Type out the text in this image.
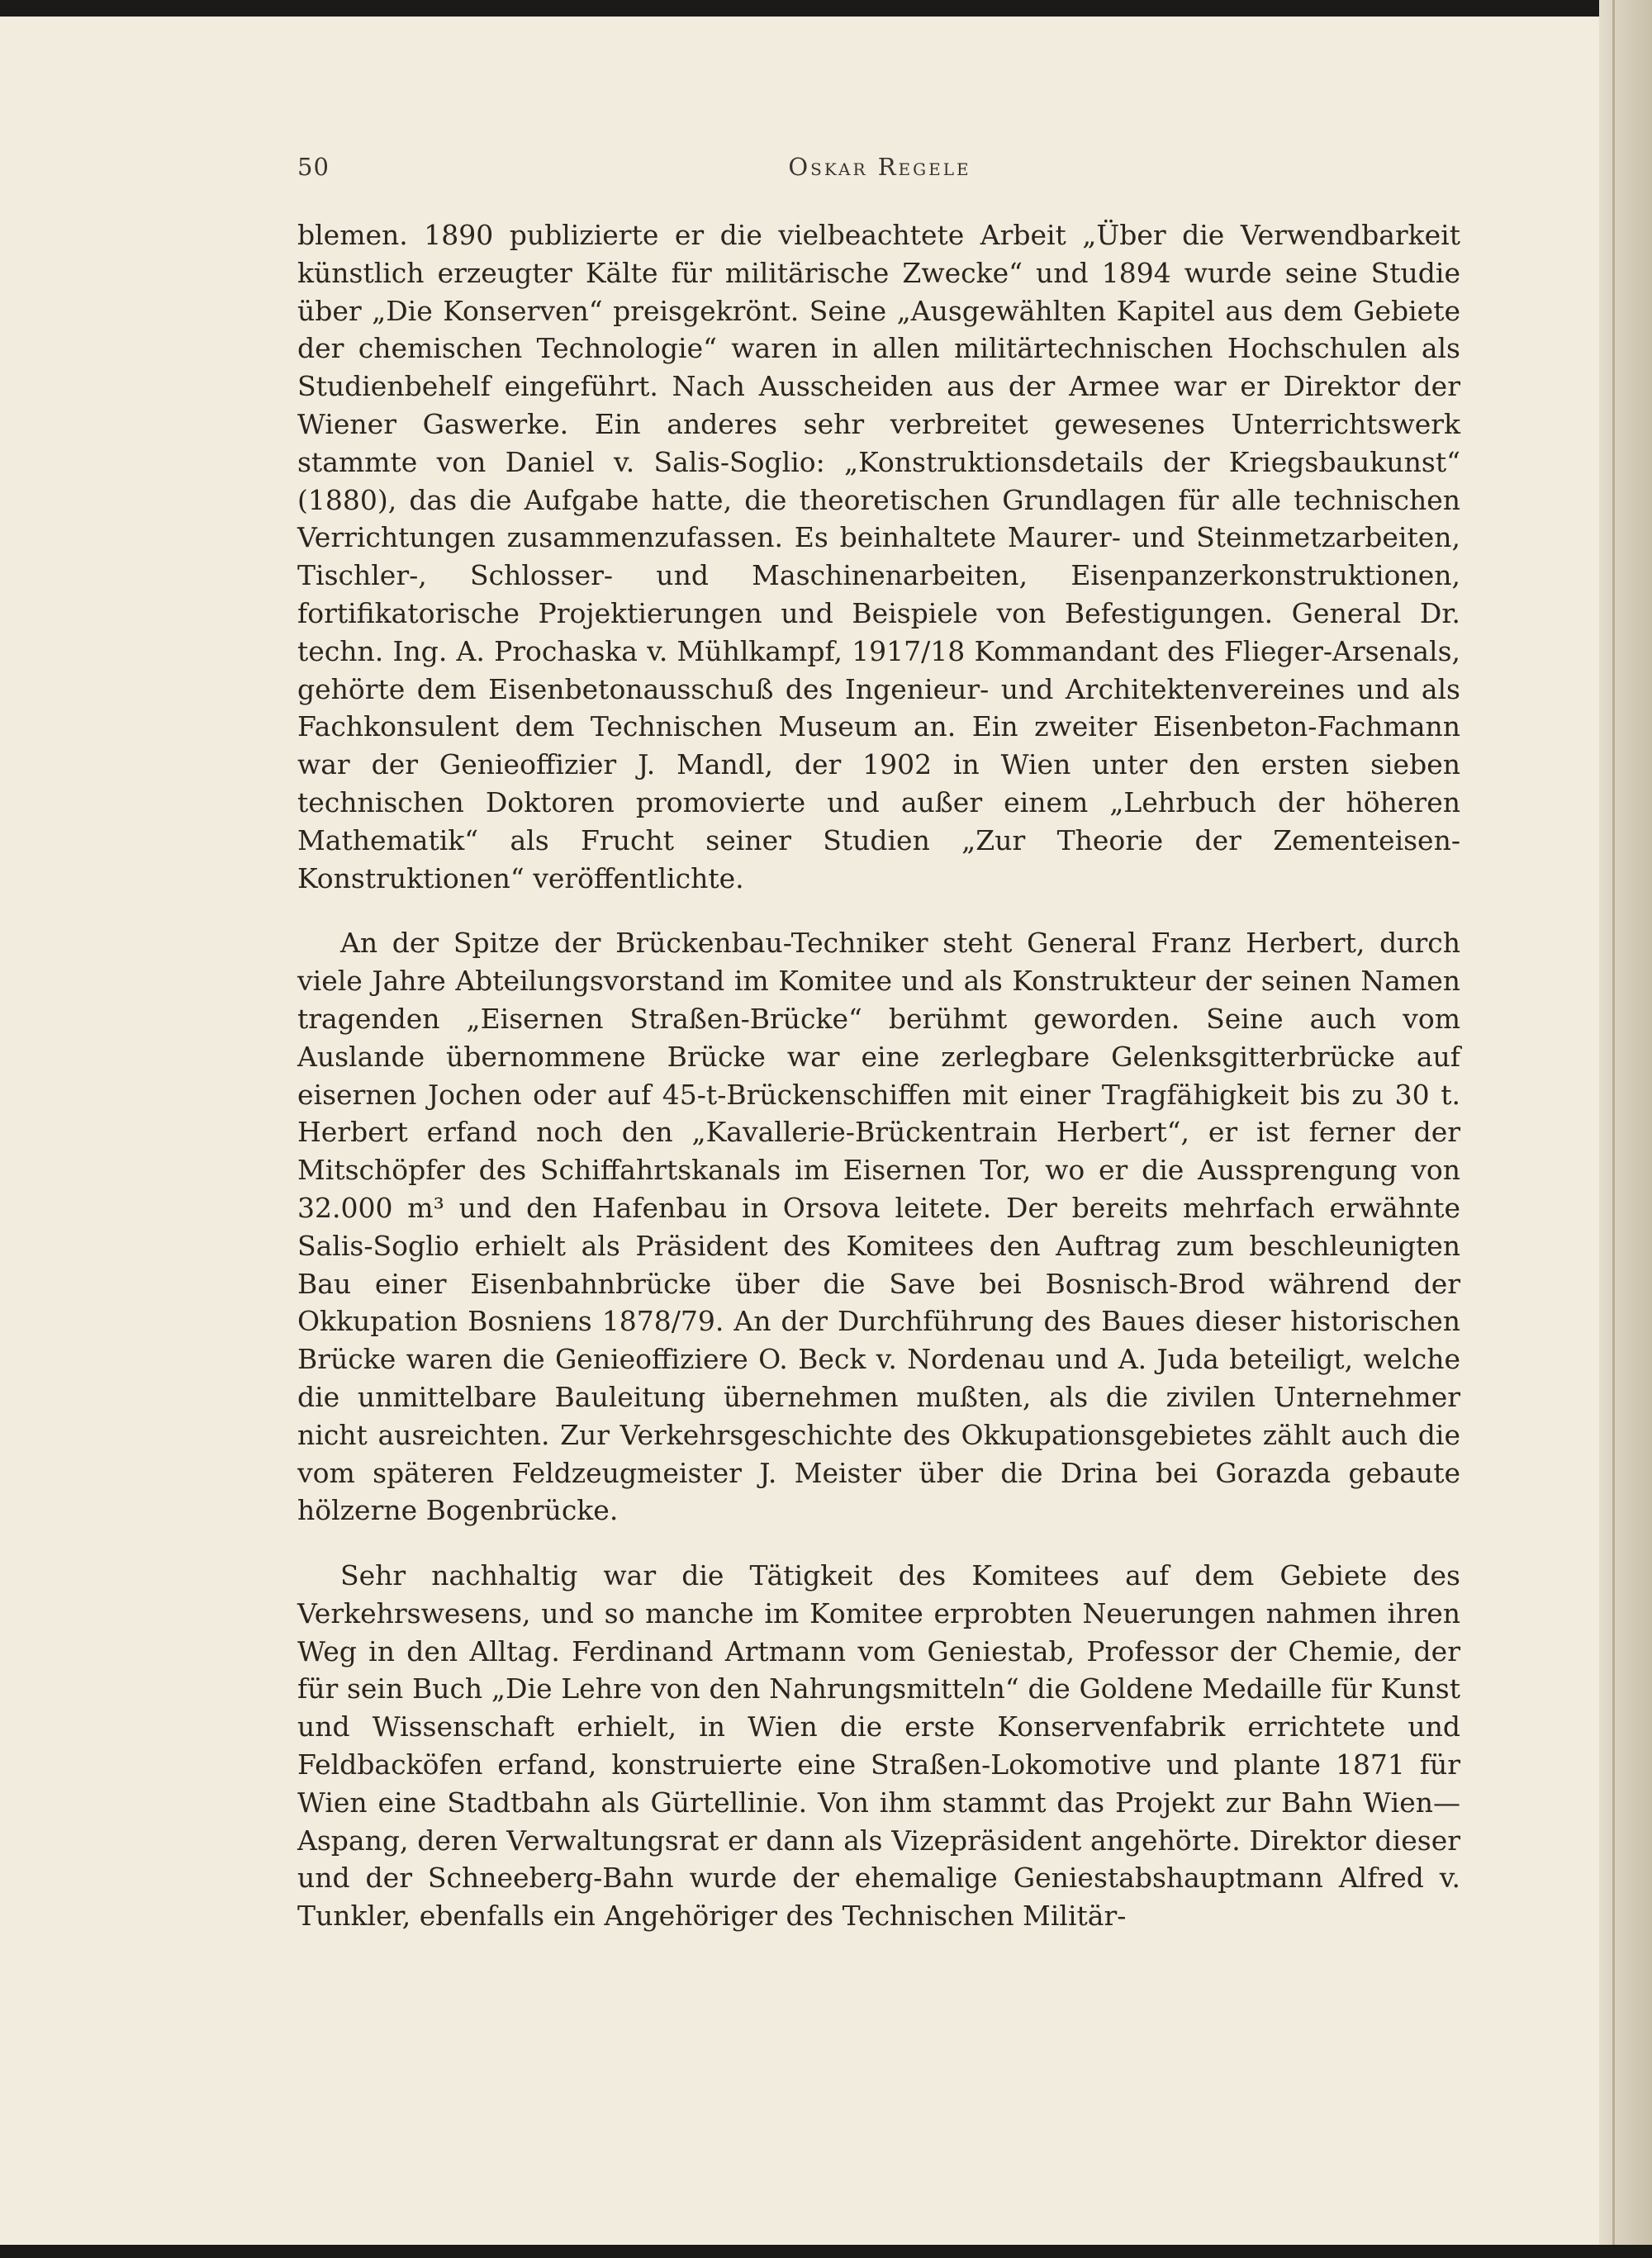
50	Oskar Regele

blemen. 1890 publizierte er die vielbeachtete Arbeit „Über die Verwendbarkeit künstlich erzeugter Kälte für militärische Zwecke“ und 1894 wurde seine Studie über „Die Konserven“ preisgekrönt. Seine „Ausgewählten Kapitel aus dem Gebiete der chemischen Technologie“ waren in allen militärtechnischen Hochschulen als Studienbehelf eingeführt. Nach Ausscheiden aus der Armee war er Direktor der Wiener Gaswerke. Ein anderes sehr verbreitet gewesenes Unterrichtswerk stammte von Daniel v. Salis-Soglio: „Konstruktionsdetails der Kriegsbaukunst“ (1880), das die Aufgabe hatte, die theoretischen Grundlagen für alle technischen Verrichtungen zusammenzufassen. Es beinhaltete Maurer- und Steinmetzarbeiten, Tischler-, Schlosser- und Maschinenarbeiten, Eisenpanzerkonstruktionen, fortifikatorische Projektierungen und Beispiele von Befestigungen. General Dr. techn. Ing. A. Prochaska v. Mühlkampf, 1917/18 Kommandant des Flieger-Arsenals, gehörte dem Eisenbetonausschuß des Ingenieur- und Architektenvereines und als Fachkonsulent dem Technischen Museum an. Ein zweiter Eisenbeton-Fachmann war der Genieoffizier J. Mandl, der 1902 in Wien unter den ersten sieben technischen Doktoren promovierte und außer einem „Lehrbuch der höheren Mathematik“ als Frucht seiner Studien „Zur Theorie der Zementeisen-Konstruktionen“ veröffentlichte.

An der Spitze der Brückenbau-Techniker steht General Franz Herbert, durch viele Jahre Abteilungsvorstand im Komitee und als Konstrukteur der seinen Namen tragenden „Eisernen Straßen-Brücke“ berühmt geworden. Seine auch vom Auslande übernommene Brücke war eine zerlegbare Gelenksgitterbrücke auf eisernen Jochen oder auf 45-t-Brückenschiffen mit einer Tragfähigkeit bis zu 30 t. Herbert erfand noch den „Kavallerie-Brückentrain Herbert“, er ist ferner der Mitschöpfer des Schiffahrtskanals im Eisernen Tor, wo er die Aussprengung von 32.000 m³ und den Hafenbau in Orsova leitete. Der bereits mehrfach erwähnte Salis-Soglio erhielt als Präsident des Komitees den Auftrag zum beschleunigten Bau einer Eisenbahnbrücke über die Save bei Bosnisch-Brod während der Okkupation Bosniens 1878/79. An der Durchführung des Baues dieser historischen Brücke waren die Genieoffiziere O. Beck v. Nordenau und A. Juda beteiligt, welche die unmittelbare Bauleitung übernehmen mußten, als die zivilen Unternehmer nicht ausreichten. Zur Verkehrsgeschichte des Okkupationsgebietes zählt auch die vom späteren Feldzeugmeister J. Meister über die Drina bei Gorazda gebaute hölzerne Bogenbrücke.

Sehr nachhaltig war die Tätigkeit des Komitees auf dem Gebiete des Verkehrswesens, und so manche im Komitee erprobten Neuerungen nahmen ihren Weg in den Alltag. Ferdinand Artmann vom Geniestab, Professor der Chemie, der für sein Buch „Die Lehre von den Nahrungsmitteln“ die Goldene Medaille für Kunst und Wissenschaft erhielt, in Wien die erste Konservenfabrik errichtete und Feldbacköfen erfand, konstruierte eine Straßen-Lokomotive und plante 1871 für Wien eine Stadtbahn als Gürtellinie. Von ihm stammt das Projekt zur Bahn Wien—Aspang, deren Verwaltungsrat er dann als Vizepräsident angehörte. Direktor dieser und der Schneeberg-Bahn wurde der ehemalige Geniestabshauptmann Alfred v. Tunkler, ebenfalls ein Angehöriger des Technischen Militär-
